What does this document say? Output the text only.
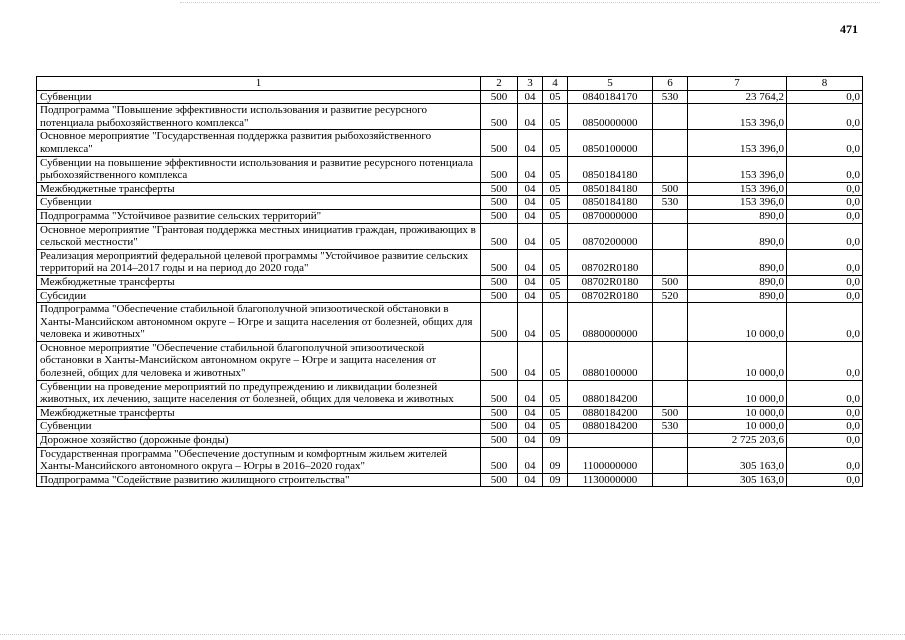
471
1	2	3	4	5	6	7	8
Субвенции	500	04	05	0840184170	530	23 764,2	0,0
Подпрограмма "Повышение эффективности использования и развитие ресурсного потенциала рыбохозяйственного комплекса"	500	04	05	0850000000		153 396,0	0,0
Основное мероприятие "Государственная поддержка развития рыбохозяйственного комплекса"	500	04	05	0850100000		153 396,0	0,0
Субвенции на повышение эффективности использования и развитие ресурсного потенциала рыбохозяйственного комплекса	500	04	05	0850184180		153 396,0	0,0
Межбюджетные трансферты	500	04	05	0850184180	500	153 396,0	0,0
Субвенции	500	04	05	0850184180	530	153 396,0	0,0
Подпрограмма "Устойчивое развитие сельских территорий"	500	04	05	0870000000		890,0	0,0
Основное мероприятие "Грантовая поддержка местных инициатив граждан, проживающих в сельской местности"	500	04	05	0870200000		890,0	0,0
Реализация мероприятий федеральной целевой программы "Устойчивое развитие сельских территорий на 2014–2017 годы и на период до 2020 года"	500	04	05	08702R0180		890,0	0,0
Межбюджетные трансферты	500	04	05	08702R0180	500	890,0	0,0
Субсидии	500	04	05	08702R0180	520	890,0	0,0
Подпрограмма "Обеспечение стабильной благополучной эпизоотической обстановки в Ханты-Мансийском автономном округе – Югре и защита населения от болезней, общих для человека и животных"	500	04	05	0880000000		10 000,0	0,0
Основное мероприятие "Обеспечение стабильной благополучной эпизоотической обстановки в Ханты-Мансийском автономном округе – Югре и защита населения от болезней, общих для человека и животных"	500	04	05	0880100000		10 000,0	0,0
Субвенции на проведение мероприятий по предупреждению и ликвидации болезней животных, их лечению, защите населения от болезней, общих для человека и животных	500	04	05	0880184200		10 000,0	0,0
Межбюджетные трансферты	500	04	05	0880184200	500	10 000,0	0,0
Субвенции	500	04	05	0880184200	530	10 000,0	0,0
Дорожное хозяйство (дорожные фонды)	500	04	09			2 725 203,6	0,0
Государственная программа "Обеспечение доступным и комфортным жильем жителей Ханты-Мансийского автономного округа – Югры в 2016–2020 годах"	500	04	09	1100000000		305 163,0	0,0
Подпрограмма "Содействие развитию жилищного строительства"	500	04	09	1130000000		305 163,0	0,0
